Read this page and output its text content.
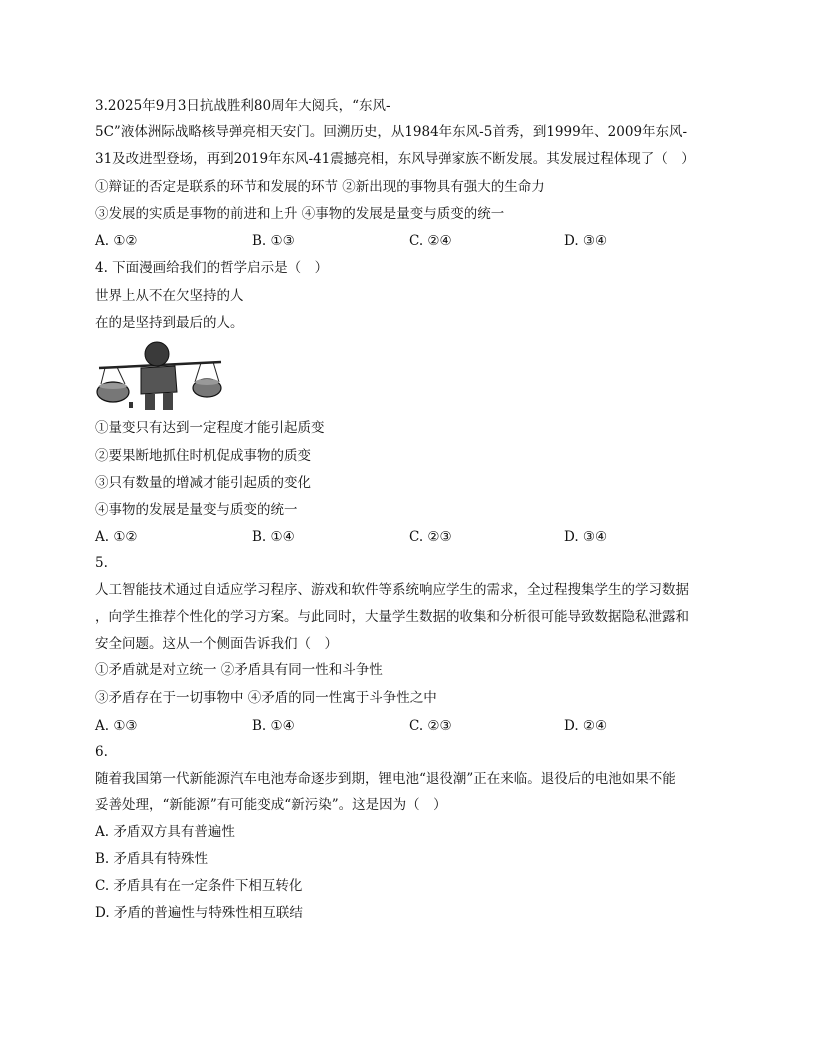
3.2025年9月3日抗战胜利80周年大阅兵，“东风-
5C”液体洲际战略核导弹亮相天安门。回溯历史，从1984年东风-5首秀，到1999年、2009年东风-
31及改进型登场，再到2019年东风-41震撼亮相，东风导弹家族不断发展。其发展过程体现了（　）
①辩证的否定是联系的环节和发展的环节 ②新出现的事物具有强大的生命力
③发展的实质是事物的前进和上升 ④事物的发展是量变与质变的统一
A. ①②	B. ①③	C. ②④	D. ③④
4. 下面漫画给我们的哲学启示是（　）
世界上从不在欠坚持的人
在的是坚持到最后的人。
①量变只有达到一定程度才能引起质变
②要果断地抓住时机促成事物的质变
③只有数量的增减才能引起质的变化
④事物的发展是量变与质变的统一
A. ①②	B. ①④	C. ②③	D. ③④
5.
人工智能技术通过自适应学习程序、游戏和软件等系统响应学生的需求，全过程搜集学生的学习数据
，向学生推荐个性化的学习方案。与此同时，大量学生数据的收集和分析很可能导致数据隐私泄露和
安全问题。这从一个侧面告诉我们（　）
①矛盾就是对立统一 ②矛盾具有同一性和斗争性
③矛盾存在于一切事物中 ④矛盾的同一性寓于斗争性之中
A. ①③	B. ①④	C. ②③	D. ②④
6.
随着我国第一代新能源汽车电池寿命逐步到期，锂电池“退役潮”正在来临。退役后的电池如果不能
妥善处理，“新能源”有可能变成“新污染”。这是因为（　）
A. 矛盾双方具有普遍性
B. 矛盾具有特殊性
C. 矛盾具有在一定条件下相互转化
D. 矛盾的普遍性与特殊性相互联结
